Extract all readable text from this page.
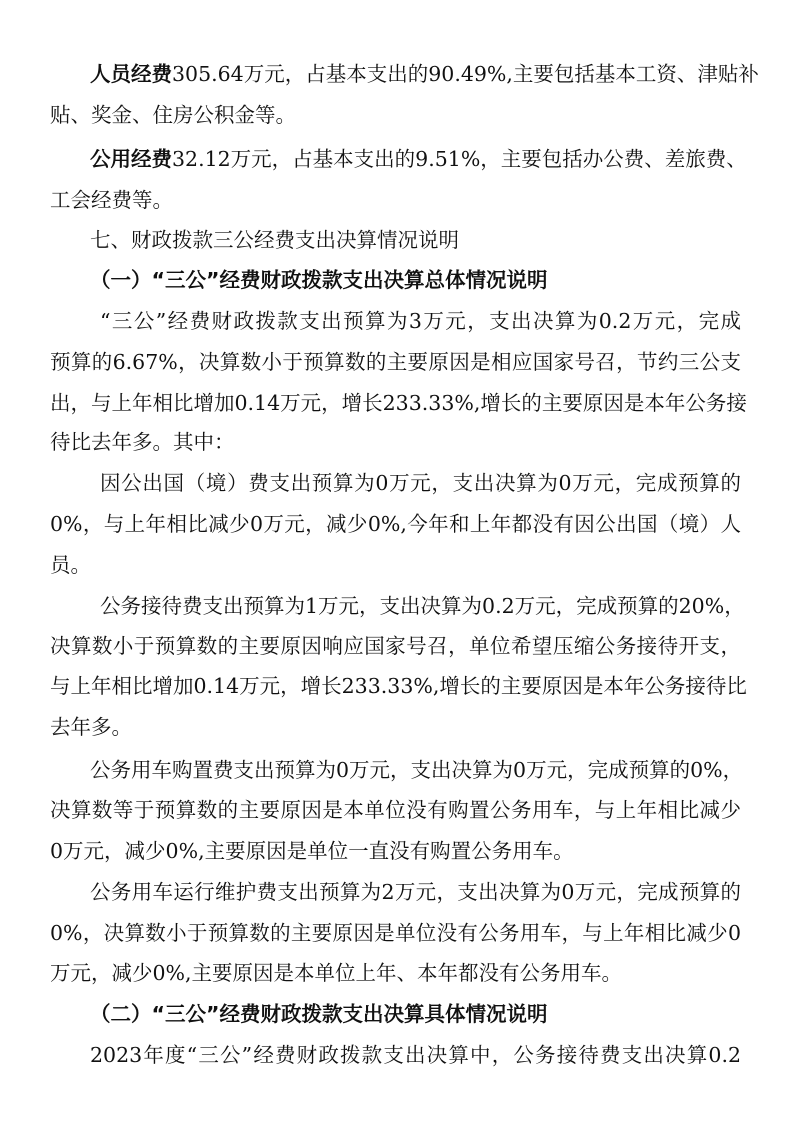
人员经费305.64万元，占基本支出的90.49%,主要包括基本工资、津贴补
贴、奖金、住房公积金等。
公用经费32.12万元，占基本支出的9.51%，主要包括办公费、差旅费、
工会经费等。
七、财政拨款三公经费支出决算情况说明
（一）“三公”经费财政拨款支出决算总体情况说明
“三公”经费财政拨款支出预算为3万元，支出决算为0.2万元，完成
预算的6.67%，决算数小于预算数的主要原因是相应国家号召，节约三公支
出，与上年相比增加0.14万元，增长233.33%,增长的主要原因是本年公务接
待比去年多。其中：
因公出国（境）费支出预算为0万元，支出决算为0万元，完成预算的
0%，与上年相比减少0万元，减少0%,今年和上年都没有因公出国（境）人
员。
公务接待费支出预算为1万元，支出决算为0.2万元，完成预算的20%，
决算数小于预算数的主要原因响应国家号召，单位希望压缩公务接待开支，
与上年相比增加0.14万元，增长233.33%,增长的主要原因是本年公务接待比
去年多。
公务用车购置费支出预算为0万元，支出决算为0万元，完成预算的0%，
决算数等于预算数的主要原因是本单位没有购置公务用车，与上年相比减少
0万元，减少0%,主要原因是单位一直没有购置公务用车。
公务用车运行维护费支出预算为2万元，支出决算为0万元，完成预算的
0%，决算数小于预算数的主要原因是单位没有公务用车，与上年相比减少0
万元，减少0%,主要原因是本单位上年、本年都没有公务用车。
（二）“三公”经费财政拨款支出决算具体情况说明
2023年度“三公”经费财政拨款支出决算中，公务接待费支出决算0.2
